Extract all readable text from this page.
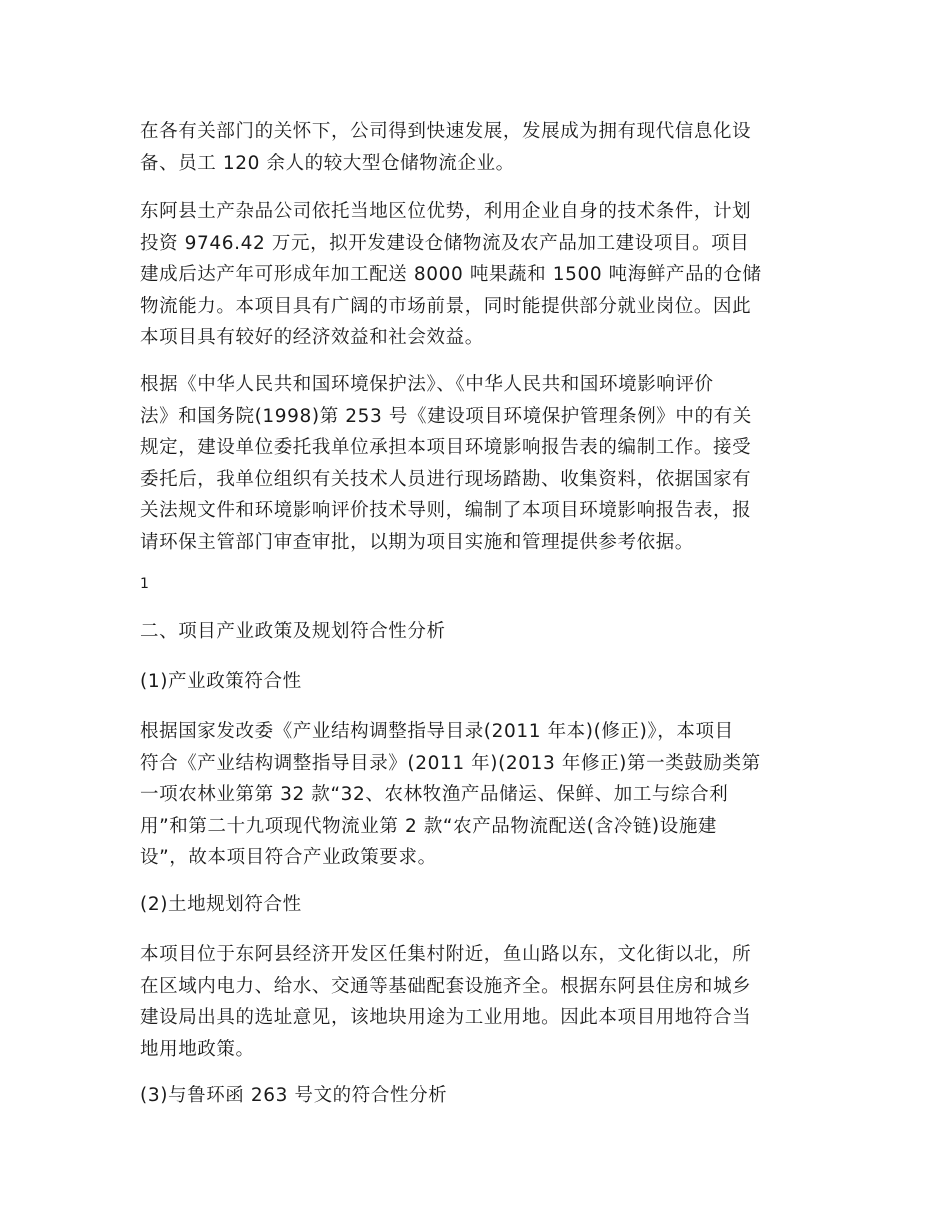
在各有关部门的关怀下，公司得到快速发展，发展成为拥有现代信息化设
备、员工 120 余人的较大型仓储物流企业。

东阿县土产杂品公司依托当地区位优势，利用企业自身的技术条件，计划
投资 9746.42 万元，拟开发建设仓储物流及农产品加工建设项目。项目
建成后达产年可形成年加工配送 8000 吨果蔬和 1500 吨海鲜产品的仓储
物流能力。本项目具有广阔的市场前景，同时能提供部分就业岗位。因此
本项目具有较好的经济效益和社会效益。

根据《中华人民共和国环境保护法》、《中华人民共和国环境影响评价
法》和国务院(1998)第 253 号《建设项目环境保护管理条例》中的有关
规定，建设单位委托我单位承担本项目环境影响报告表的编制工作。接受
委托后，我单位组织有关技术人员进行现场踏勘、收集资料，依据国家有
关法规文件和环境影响评价技术导则，编制了本项目环境影响报告表，报
请环保主管部门审查审批，以期为项目实施和管理提供参考依据。

1

二、项目产业政策及规划符合性分析

(1)产业政策符合性

根据国家发改委《产业结构调整指导目录(2011 年本)(修正)》，本项目
符合《产业结构调整指导目录》(2011 年)(2013 年修正)第一类鼓励类第
一项农林业第第 32 款“32、农林牧渔产品储运、保鲜、加工与综合利
用”和第二十九项现代物流业第 2 款“农产品物流配送(含冷链)设施建
设”，故本项目符合产业政策要求。

(2)土地规划符合性

本项目位于东阿县经济开发区任集村附近，鱼山路以东，文化街以北，所
在区域内电力、给水、交通等基础配套设施齐全。根据东阿县住房和城乡
建设局出具的选址意见，该地块用途为工业用地。因此本项目用地符合当
地用地政策。

(3)与鲁环函 263 号文的符合性分析
